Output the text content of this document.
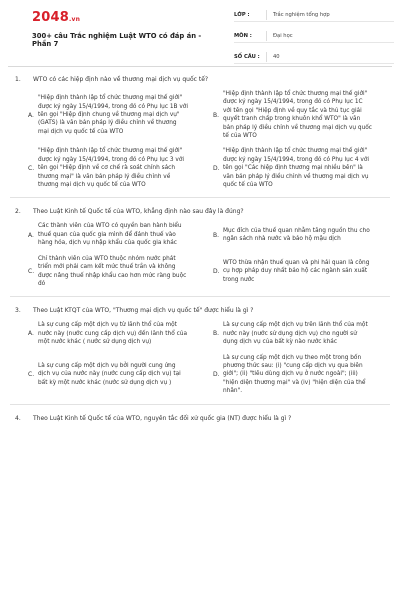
2048.vn
300+ câu Trắc nghiệm Luật WTO có đáp án - Phần 7
LỚP :	Trắc nghiệm tổng hợp
MÔN :	Đại học
SỐ CÂU :	40
1.	WTO có các hiệp định nào về thương mại dịch vụ quốc tế?
A.
"Hiệp định thành lập tổ chức thương mại thế giới" được ký ngày 15/4/1994, trong đó có Phụ lục 1B với tên gọi "Hiệp định chung về thương mại dịch vụ" (GATS) là văn bản pháp lý điều chỉnh về thương mại dịch vụ quốc tế của WTO
B.
"Hiệp định thành lập tổ chức thương mại thế giới" được ký ngày 15/4/1994, trong đó có Phụ lục 1C với tên gọi "Hiệp định về quy tắc và thủ tục giải quyết tranh chấp trong khuôn khổ WTO" là văn bản pháp lý điều chỉnh về thương mại dịch vụ quốc tế của WTO
C.
"Hiệp định thành lập tổ chức thương mại thế giới" được ký ngày 15/4/1994, trong đó có Phụ lục 3 với tên gọi "Hiệp định về cơ chế rà soát chính sách thương mại" là văn bản pháp lý điều chỉnh về thương mại dịch vụ quốc tế của WTO
D.
"Hiệp định thành lập tổ chức thương mại thế giới" được ký ngày 15/4/1994, trong đó có Phụ lục 4 với tên gọi "Các hiệp định thương mại nhiều bên" là văn bản pháp lý điều chỉnh về thương mại dịch vụ quốc tế của WTO
2.	Theo Luật Kinh tế Quốc tế của WTO, khẳng định nào sau đây là đúng?
A.
Các thành viên của WTO có quyền ban hành biểu thuế quan của quốc gia mình để đánh thuế vào hàng hóa, dịch vụ nhập khẩu của quốc gia khác
B.
Mục đích của thuế quan nhằm tăng nguồn thu cho ngân sách nhà nước và bảo hộ mậu dịch
C.
Chỉ thành viên của WTO thuộc nhóm nước phát triển mới phải cam kết mức thuế trần và không được nâng thuế nhập khẩu cao hơn mức ràng buộc đó
D.
WTO thừa nhận thuế quan và phi hải quan là công cụ hợp pháp duy nhất bảo hộ các ngành sản xuất trong nước
3.	Theo Luật KTQT của WTO, "Thương mại dịch vụ quốc tế" được hiểu là gì ?
A.
Là sự cung cấp một dịch vụ từ lãnh thổ của một nước này (nước cung cấp dịch vụ) đến lãnh thổ của một nước khác ( nước sử dụng dịch vụ)
B.
Là sự cung cấp một dịch vụ trên lãnh thổ của một nước này (nước sử dụng dịch vụ) cho người sử dụng dịch vụ của bất kỳ nào nước khác
C.
Là sự cung cấp một dịch vụ bởi người cung ứng dịch vụ của nước này (nước cung cấp dịch vụ) tại bất kỳ một nước khác (nước sử dụng dịch vụ )
D.
Là sự cung cấp một dịch vụ theo một trong bốn phương thức sau: (i) "cung cấp dịch vụ qua biên giới"; (ii) "tiêu dùng dịch vụ ở nước ngoài"; (iii) "hiện diện thương mại" và (iv) "hiện diện của thể nhân".
4.	Theo Luật Kinh tế Quốc tế của WTO, nguyên tắc đối xử quốc gia (NT) được hiểu là gì ?
